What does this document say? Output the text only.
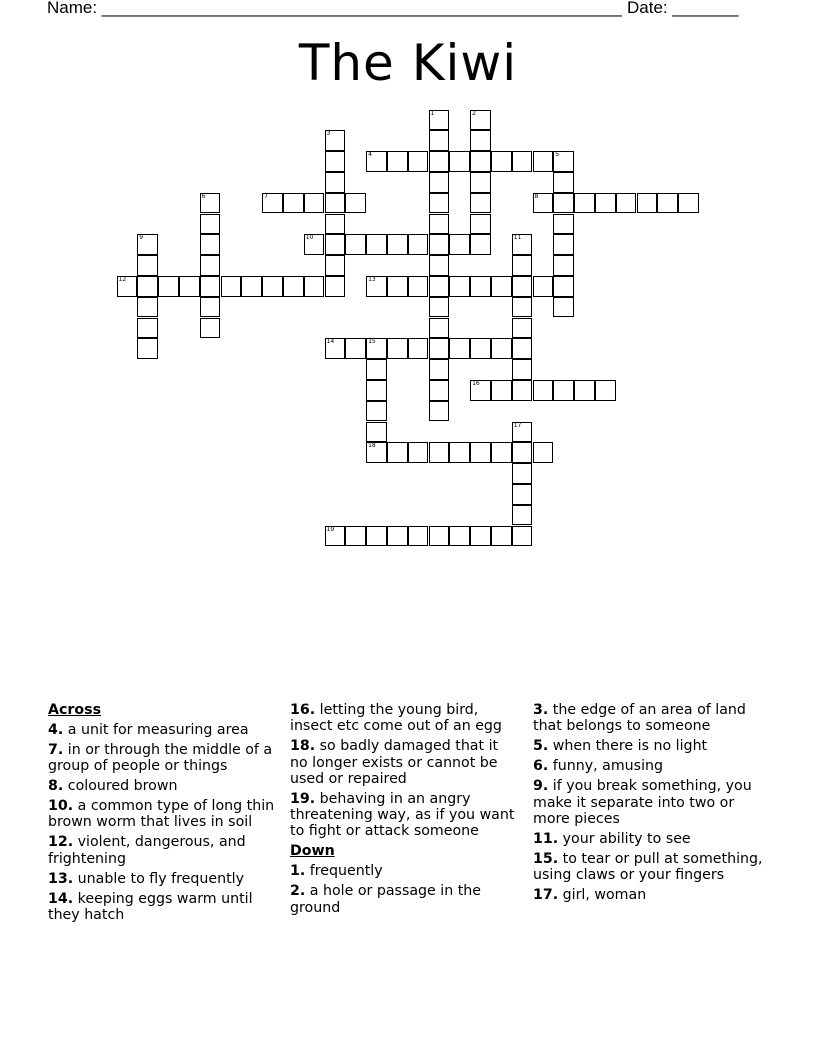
Name: _______________________________________________________ Date: _______
The Kiwi
1	2
3
4	5
6	7	8
9	10	11
12	13
14	15
18
16
17
19
Across
4. a unit for measuring area
7. in or through the middle of a group of people or things
8. coloured brown
10. a common type of long thin brown worm that lives in soil
12. violent, dangerous, and frightening
13. unable to fly frequently
14. keeping eggs warm until they hatch
16. letting the young bird, insect etc come out of an egg
18. so badly damaged that it no longer exists or cannot be used or repaired
19. behaving in an angry threatening way, as if you want to fight or attack someone
Down
1. frequently
2. a hole or passage in the ground
3. the edge of an area of land that belongs to someone
5. when there is no light
6. funny, amusing
9. if you break something, you make it separate into two or more pieces
11. your ability to see
15. to tear or pull at something, using claws or your fingers
17. girl, woman
